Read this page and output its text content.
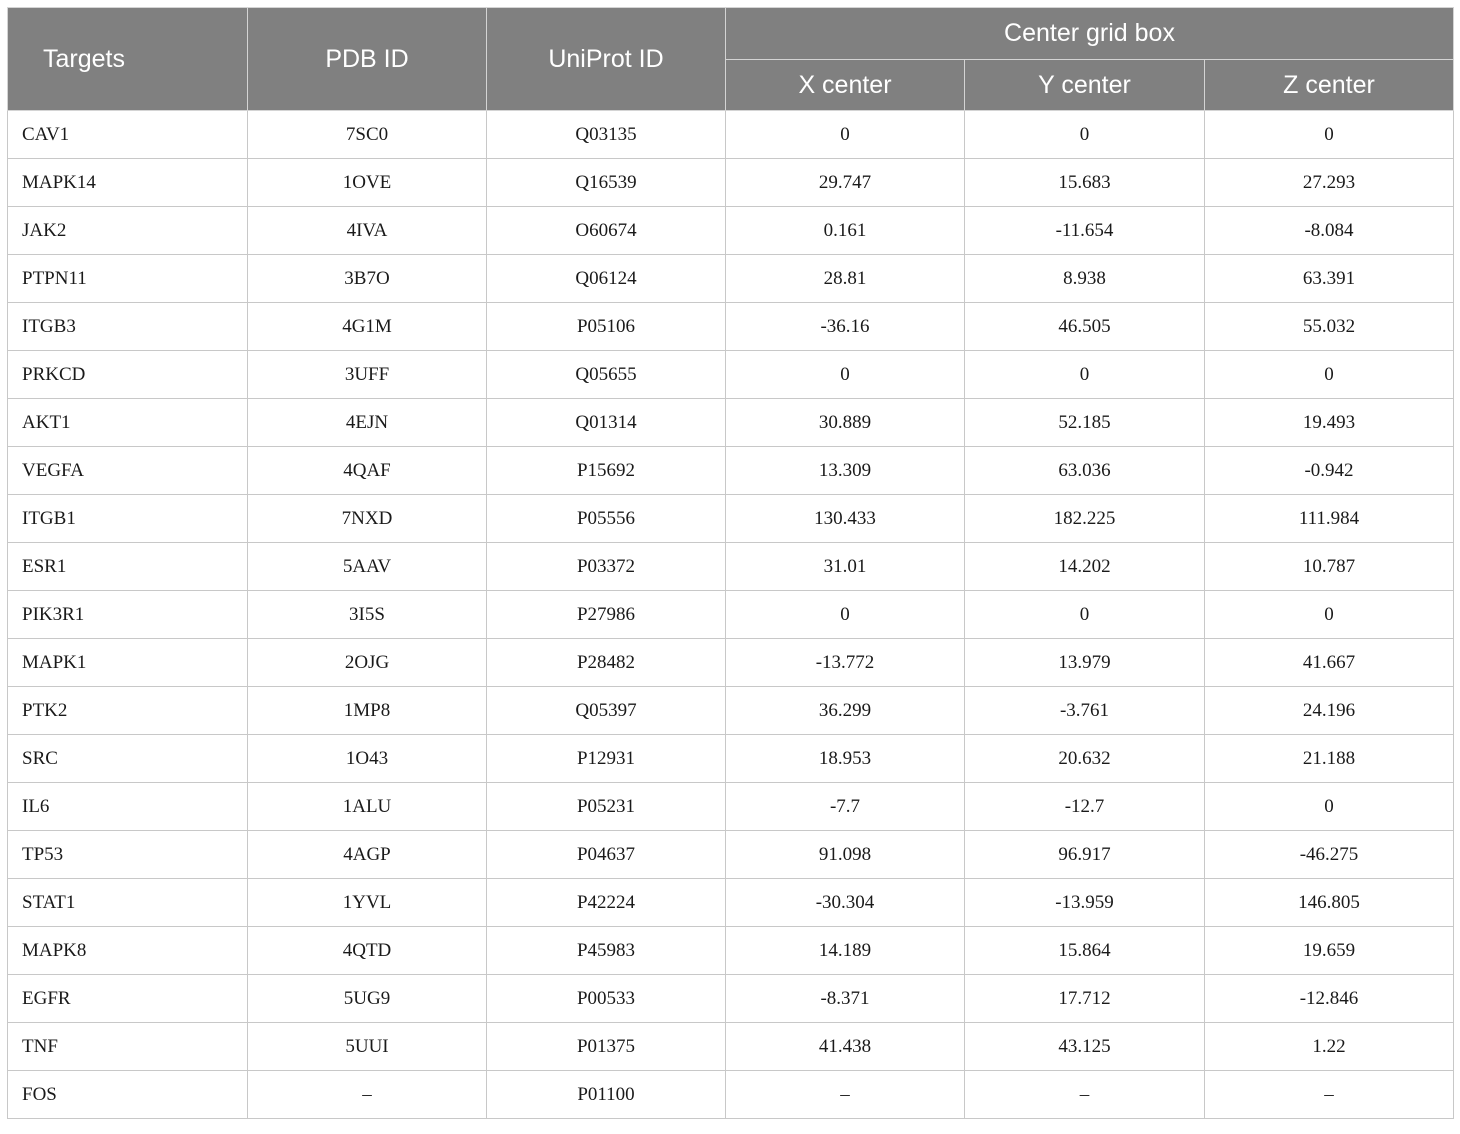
Targets	PDB ID	UniProt ID	Center grid box		
			X center	Y center	Z center
CAV1	7SC0	Q03135	0	0	0
MAPK14	1OVE	Q16539	29.747	15.683	27.293
JAK2	4IVA	O60674	0.161	-11.654	-8.084
PTPN11	3B7O	Q06124	28.81	8.938	63.391
ITGB3	4G1M	P05106	-36.16	46.505	55.032
PRKCD	3UFF	Q05655	0	0	0
AKT1	4EJN	Q01314	30.889	52.185	19.493
VEGFA	4QAF	P15692	13.309	63.036	-0.942
ITGB1	7NXD	P05556	130.433	182.225	111.984
ESR1	5AAV	P03372	31.01	14.202	10.787
PIK3R1	3I5S	P27986	0	0	0
MAPK1	2OJG	P28482	-13.772	13.979	41.667
PTK2	1MP8	Q05397	36.299	-3.761	24.196
SRC	1O43	P12931	18.953	20.632	21.188
IL6	1ALU	P05231	-7.7	-12.7	0
TP53	4AGP	P04637	91.098	96.917	-46.275
STAT1	1YVL	P42224	-30.304	-13.959	146.805
MAPK8	4QTD	P45983	14.189	15.864	19.659
EGFR	5UG9	P00533	-8.371	17.712	-12.846
TNF	5UUI	P01375	41.438	43.125	1.22
FOS	–	P01100	–	–	–
